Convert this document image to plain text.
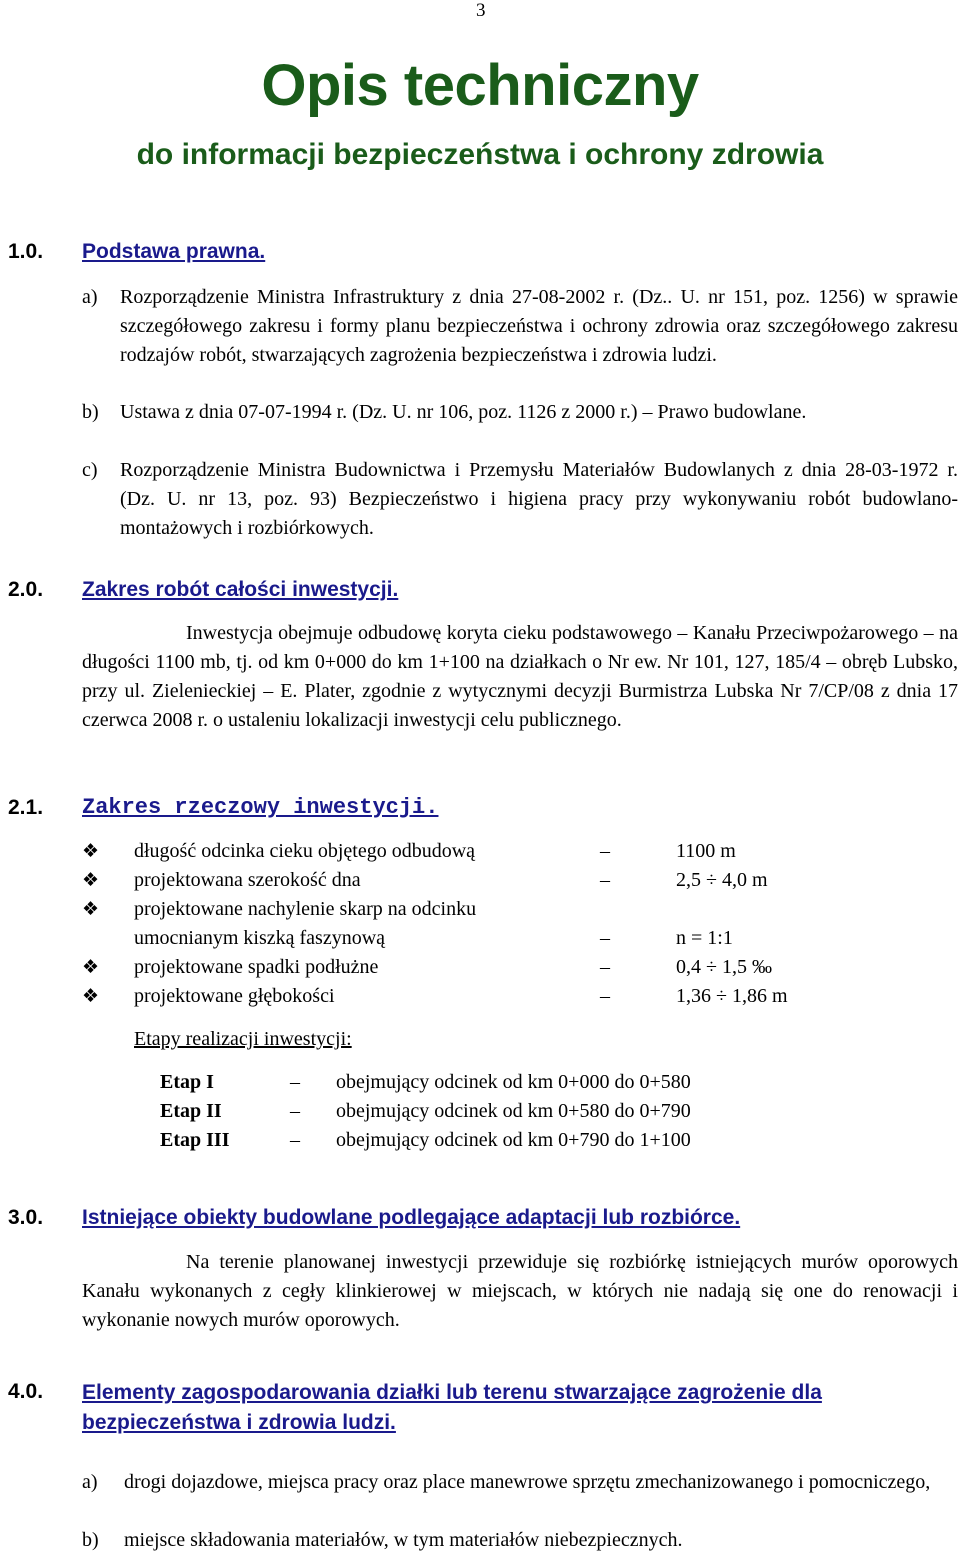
3
Opis techniczny
do informacji bezpieczeństwa i ochrony zdrowia
1.0. Podstawa prawna.
a) Rozporządzenie Ministra Infrastruktury z dnia 27-08-2002 r. (Dz.. U. nr 151, poz. 1256) w sprawie szczegółowego zakresu i formy planu bezpieczeństwa i ochrony zdrowia oraz szczegółowego zakresu rodzajów robót, stwarzających zagrożenia bezpieczeństwa i zdrowia ludzi.
b) Ustawa z dnia 07-07-1994 r. (Dz. U. nr 106, poz. 1126 z 2000 r.) – Prawo budowlane.
c) Rozporządzenie Ministra Budownictwa i Przemysłu Materiałów Budowlanych z dnia 28-03-1972 r. (Dz. U. nr 13, poz. 93) Bezpieczeństwo i higiena pracy przy wykonywaniu robót budowlano-montażowych i rozbiórkowych.
2.0. Zakres robót całości inwestycji.
Inwestycja obejmuje odbudowę koryta cieku podstawowego – Kanału Przeciwpożarowego – na długości 1100 mb, tj. od km 0+000 do km 1+100 na działkach o Nr ew. Nr 101, 127, 185/4 – obręb Lubsko, przy ul. Zielenieckiej – E. Plater, zgodnie z wytycznymi decyzji Burmistrza Lubska Nr 7/CP/08 z dnia 17 czerwca 2008 r. o ustaleniu lokalizacji inwestycji celu publicznego.
2.1. Zakres rzeczowy inwestycji.
❖ długość odcinka cieku objętego odbudową	–	1100 m
❖ projektowana szerokość dna	–	2,5 ÷ 4,0 m
❖ projektowane nachylenie skarp na odcinku
umocnianym kiszką faszynową	–	n = 1:1
❖ projektowane spadki podłużne	–	0,4 ÷ 1,5 ‰
❖ projektowane głębokości	–	1,36 ÷ 1,86 m
Etapy realizacji inwestycji:
Etap I	– obejmujący odcinek od km 0+000 do 0+580
Etap II	– obejmujący odcinek od km 0+580 do 0+790
Etap III	– obejmujący odcinek od km 0+790 do 1+100
3.0. Istniejące obiekty budowlane podlegające adaptacji lub rozbiórce.
Na terenie planowanej inwestycji przewiduje się rozbiórkę istniejących murów oporowych Kanału wykonanych z cegły klinkierowej w miejscach, w których nie nadają się one do renowacji i wykonanie nowych murów oporowych.
4.0. Elementy zagospodarowania działki lub terenu stwarzające zagrożenie dla bezpieczeństwa i zdrowia ludzi.
a) drogi dojazdowe, miejsca pracy oraz place manewrowe sprzętu zmechanizowanego i pomocniczego,
b) miejsce składowania materiałów, w tym materiałów niebezpiecznych.
